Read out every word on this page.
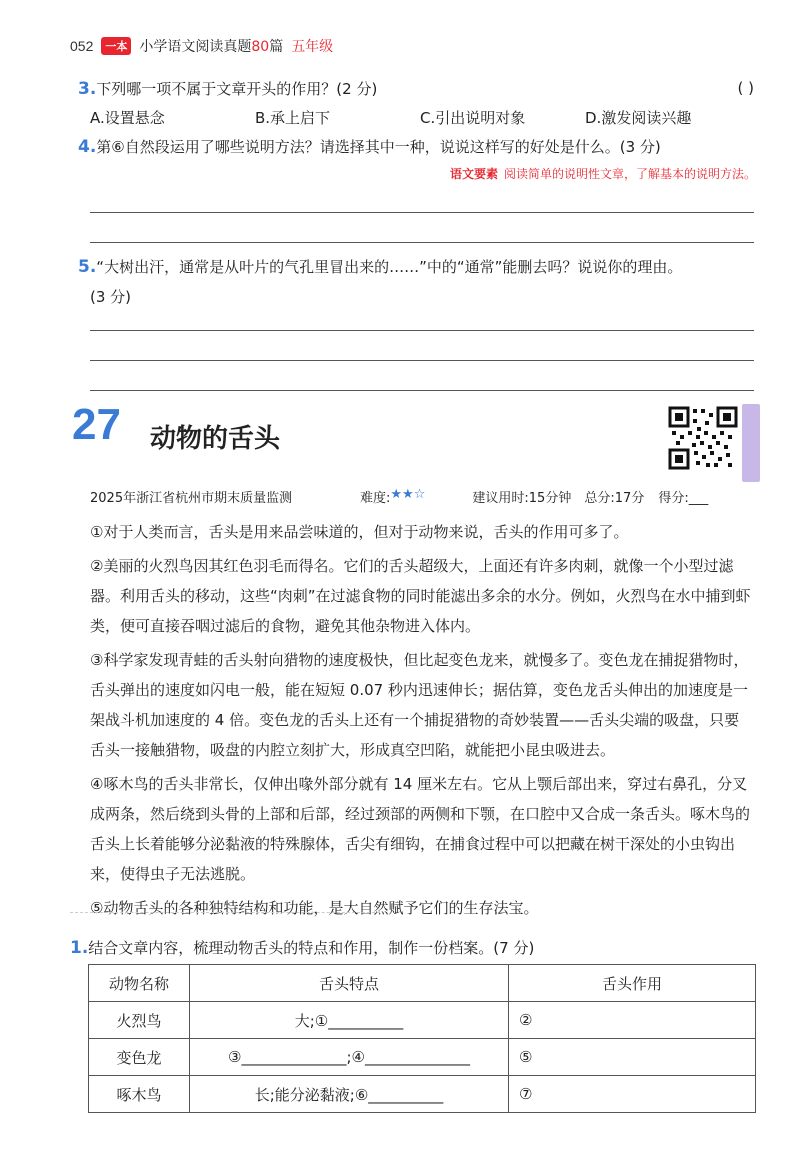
052	一本 小学语文阅读真题80篇 五年级
3.下列哪一项不属于文章开头的作用？(2 分)	( )
A.设置悬念	B.承上启下	C.引出说明对象	D.激发阅读兴趣
4.第⑥自然段运用了哪些说明方法？请选择其中一种，说说这样写的好处是什么。(3 分)
语文要素 阅读简单的说明性文章，了解基本的说明方法。
5.“大树出汗，通常是从叶片的气孔里冒出来的……”中的“通常”能删去吗？说说你的理由。
(3 分)
27 动物的舌头
2025年浙江省杭州市期末质量监测	难度: ★★☆	建议用时:15分钟	总分:17分	得分:___

①对于人类而言，舌头是用来品尝味道的，但对于动物来说，舌头的作用可多了。

②美丽的火烈鸟因其红色羽毛而得名。它们的舌头超级大，上面还有许多肉刺，就像一个小型过滤器。利用舌头的移动，这些“肉刺”在过滤食物的同时能滤出多余的水分。例如，火烈鸟在水中捕到虾类，便可直接吞咽过滤后的食物，避免其他杂物进入体内。

③科学家发现青蛙的舌头射向猎物的速度极快，但比起变色龙来，就慢多了。变色龙在捕捉猎物时，舌头弹出的速度如闪电一般，能在短短 0.07 秒内迅速伸长；据估算，变色龙舌头伸出的加速度是一架战斗机加速度的 4 倍。变色龙的舌头上还有一个捕捉猎物的奇妙装置——舌头尖端的吸盘，只要舌头一接触猎物，吸盘的内腔立刻扩大，形成真空凹陷，就能把小昆虫吸进去。

④啄木鸟的舌头非常长，仅伸出喙外部分就有 14 厘米左右。它从上颚后部出来，穿过右鼻孔，分叉成两条，然后绕到头骨的上部和后部，经过颈部的两侧和下颚，在口腔中又合成一条舌头。啄木鸟的舌头上长着能够分泌黏液的特殊腺体，舌尖有细钩，在捕食过程中可以把藏在树干深处的小虫钩出来，使得虫子无法逃脱。

⑤动物舌头的各种独特结构和功能，是大自然赋予它们的生存法宝。

1.结合文章内容，梳理动物舌头的特点和作用，制作一份档案。(7 分)
动物名称	舌头特点	舌头作用
火烈鸟	大;①__________	②
变色龙	③______________;④______________	⑤
啄木鸟	长;能分泌黏液;⑥__________	⑦
